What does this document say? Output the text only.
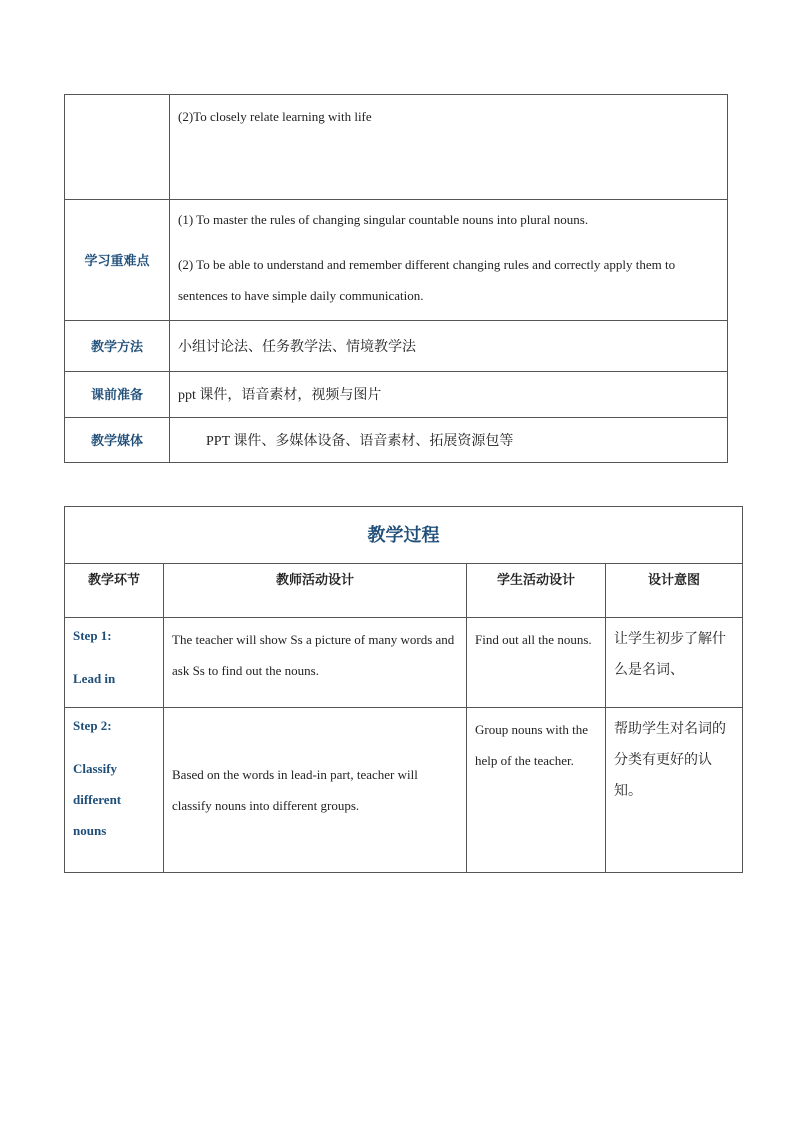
	(2)To closely relate learning with life

学习重难点	(1) To master the rules of changing singular countable nouns into plural nouns.
(2) To be able to understand and remember different changing rules and correctly apply them to sentences to have simple daily communication.

教学方法	小组讨论法、任务教学法、情境教学法

课前准备	ppt 课件，语音素材，视频与图片

教学媒体	PPT 课件、多媒体设备、语音素材、拓展资源包等
教学过程			

教学环节	教师活动设计	学生活动设计	设计意图

Step 1:
Lead in	The teacher will show Ss a picture of many words and ask Ss to find out the nouns.	Find out all the nouns.	让学生初步了解什么是名词、

Step 2:
Classify
different
nouns	Based on the words in lead-in part, teacher will classify nouns into different groups.	Group nouns with the help of the teacher.	帮助学生对名词的分类有更好的认知。
